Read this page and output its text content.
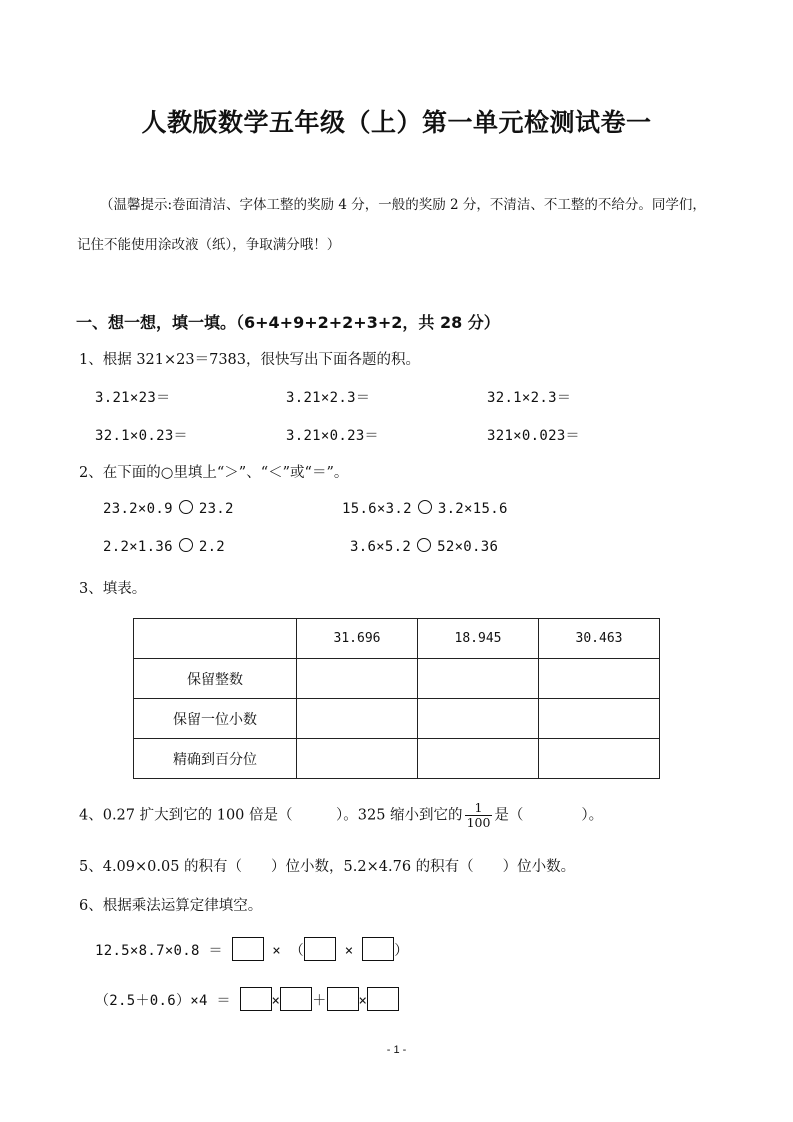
人教版数学五年级（上）第一单元检测试卷一
（温馨提示:卷面清洁、字体工整的奖励 4 分，一般的奖励 2 分，不清洁、不工整的不给分。同学们，
记住不能使用涂改液（纸），争取满分哦！）
一、想一想，填一填。（6+4+9+2+2+3+2，共 28 分）
1、根据 321×23＝7383，很快写出下面各题的积。
3.21×23＝	3.21×2.3＝	32.1×2.3＝
32.1×0.23＝	3.21×0.23＝	321×0.023＝
2、在下面的○里填上“＞”、“＜”或“＝”。
23.2×0.9 23.2	15.6×3.2 3.2×15.6
2.2×1.36 2.2	3.6×5.2 52×0.36
3、填表。
	31.696	18.945	30.463
保留整数			
保留一位小数			
精确到百分位			
4、0.27 扩大到它的 100 倍是（　　　）。325 缩小到它的 $\frac{1}{100}$ 是（　　　　）。
5、4.09×0.05 的积有（　　）位小数，5.2×4.76 的积有（　　）位小数。
6、根据乘法运算定律填空。
12.5×8.7×0.8 ＝	× （	×	）
（2.5＋0.6）×4 ＝	× ＋ ×
- 1 -
